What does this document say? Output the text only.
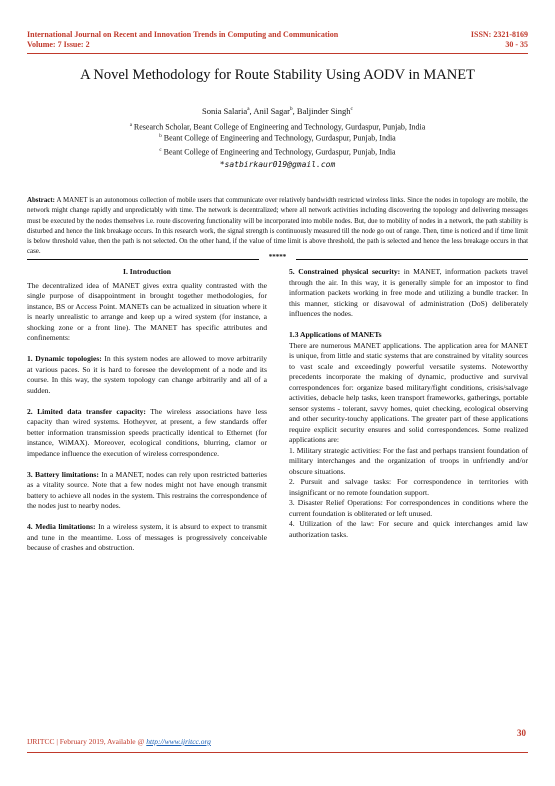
International Journal on Recent and Innovation Trends in Computing and Communication
Volume: 7 Issue: 2
ISSN: 2321-8169
30 - 35
A Novel Methodology for Route Stability Using AODV in MANET
Sonia Salaria$^a$, Anil Sagar$^b$, Baljinder Singh$^c$
$^a$ Research Scholar, Beant College of Engineering and Technology, Gurdaspur, Punjab, India
$^b$ Beant College of Engineering and Technology, Gurdaspur, Punjab, India
$^c$ Beant College of Engineering and Technology, Gurdaspur, Punjab, India
*satbirkaur019@gmail.com
Abstract: A MANET is an autonomous collection of mobile users that communicate over relatively bandwidth restricted wireless links. Since the nodes in topology are mobile, the network might change rapidly and unpredictably with time. The network is decentralized; where all network activities including discovering the topology and delivering messages must be executed by the nodes themselves i.e. route discovering functionality will be incorporated into mobile nodes. But, due to mobility of nodes in a network, the path stability is disturbed and hence the link breakage occurs. In this research work, the signal strength is continuously measured till the node go out of range. Then, time is noticed and if time limit is below threshold value, then the path is not selected. On the other hand, if the value of time limit is above threshold, the path is selected and hence the less breakage occurs in that case.
*****

I. Introduction

The decentralized idea of MANET gives extra quality contrasted with the single purpose of disappointment in brought together methodologies, for instance, BS or Access Point. MANETs can be actualized in situation where it is nearly unrealistic to arrange and keep up a wired system (for instance, a shocking zone or a front line). The MANET has specific attributes and confinements:

1. Dynamic topologies: In this system nodes are allowed to move arbitrarily at various paces. So it is hard to foresee the development of a node and its course. In this way, the system topology can change arbitrarily and all of a sudden.

2. Limited data transfer capacity: The wireless associations have less capacity than wired systems. Hotheyver, at present, a few standards offer better information transmission speeds practically identical to Ethernet (for instance, WiMAX). Moreover, ecological conditions, blurring, clamor or impedance influence the execution of wireless correspondence.

3. Battery limitations: In a MANET, nodes can rely upon restricted batteries as a vitality source. Note that a few nodes might not have enough transmit battery to achieve all nodes in the system. This restrains the correspondence of the nodes just to nearby nodes.

4. Media limitations: In a wireless system, it is absurd to expect to transmit and tune in the meantime. Loss of messages is progressively conceivable because of crashes and obstruction.

5. Constrained physical security: in MANET, information packets travel through the air. In this way, it is generally simple for an impostor to find information packets working in free mode and utilizing a bundle tracker. In this manner, sticking or disavowal of administration (DoS) deliberately influences the nodes.

1.3 Applications of MANETs

There are numerous MANET applications. The application area for MANET is unique, from little and static systems that are constrained by vitality sources to vast scale and exceedingly powerful versatile systems. Noteworthy precedents incorporate the making of dynamic, productive and survival correspondences for: organize based military/fight conditions, crisis/salvage activities, debacle help tasks, keen transport frameworks, gatherings, portable sensor systems - tolerant, savvy homes, quiet checking, ecological observing and other security-touchy applications. The greater part of these applications require explicit security ensures and solid correspondences. Some realized applications are:

1. Military strategic activities: For the fast and perhaps transient foundation of military interchanges and the organization of troops in unfriendly and/or obscure situations.

2. Pursuit and salvage tasks: For correspondence in territories with insignificant or no remote foundation support.

3. Disaster Relief Operations: For correspondences in conditions where the current foundation is obliterated or left unused.

4. Utilization of the law: For secure and quick interchanges amid law authorization tasks.

30
IJRITCC | February 2019, Available @ http://www.ijritcc.org
